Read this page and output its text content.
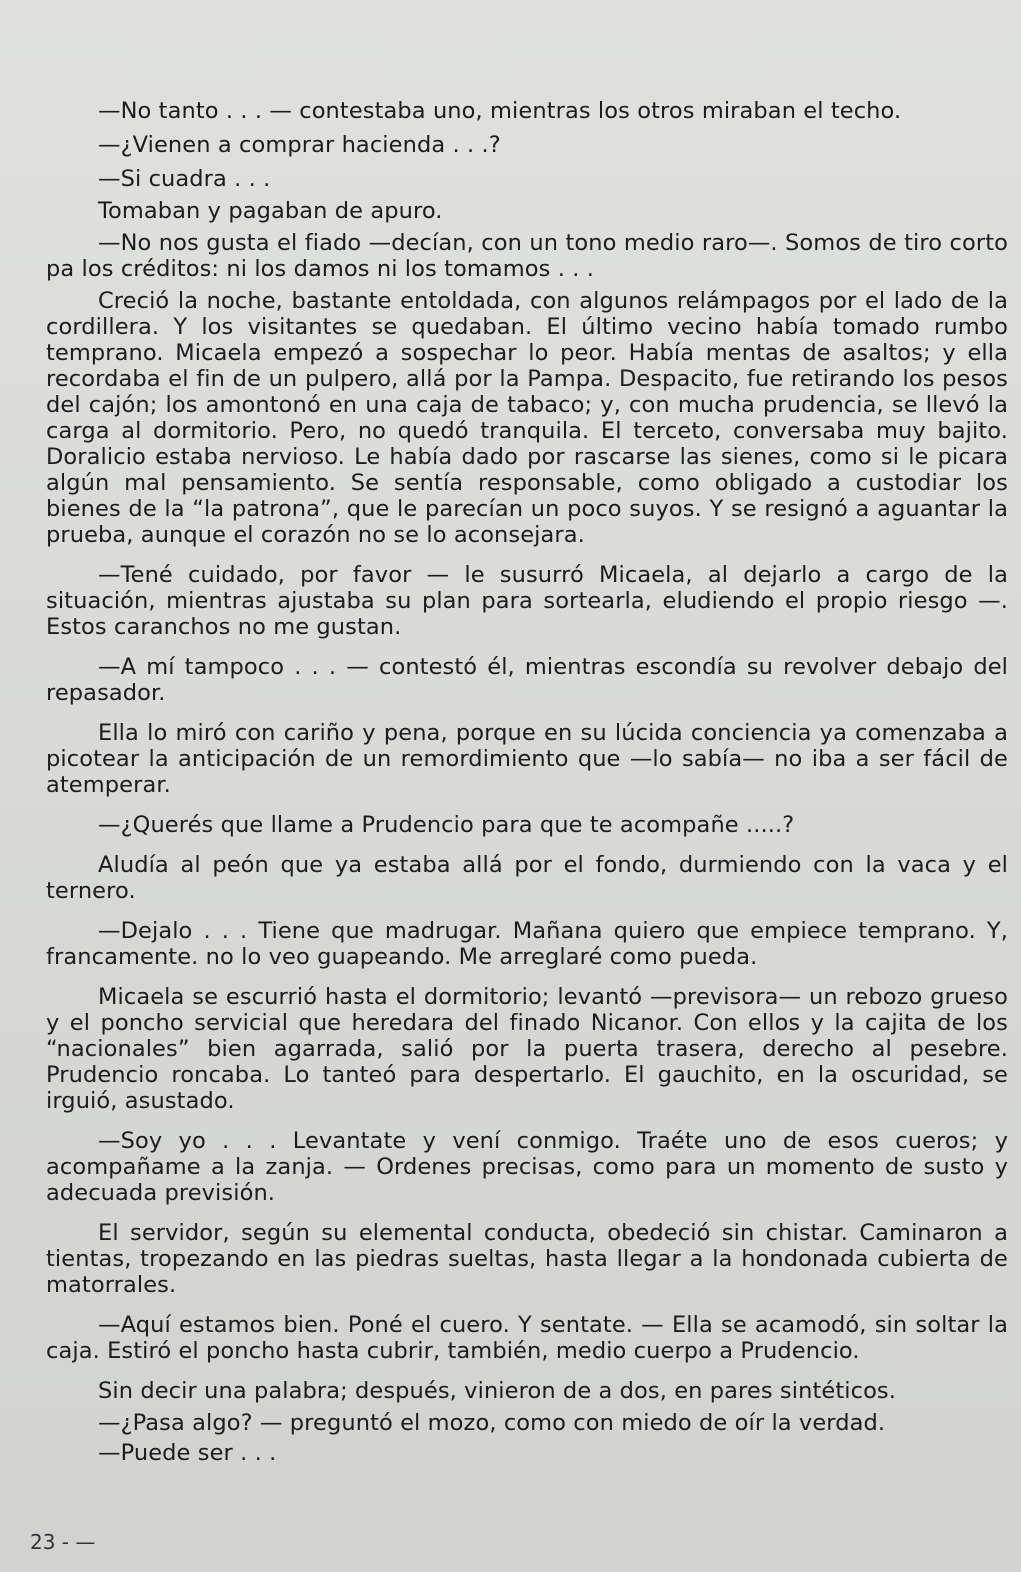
—No tanto . . . — contestaba uno, mientras los otros miraban el techo.

—¿Vienen a comprar hacienda . . .?

—Si cuadra . . .

Tomaban y pagaban de apuro.

—No nos gusta el fiado —decían, con un tono medio raro—. Somos de tiro corto pa los créditos: ni los damos ni los tomamos . . .

Creció la noche, bastante entoldada, con algunos relámpagos por el lado de la cordillera. Y los visitantes se quedaban. El último vecino había tomado rumbo temprano. Micaela empezó a sospechar lo peor. Había mentas de asaltos; y ella recordaba el fin de un pulpero, allá por la Pampa. Despacito, fue retirando los pesos del cajón; los amontonó en una caja de tabaco; y, con mucha prudencia, se llevó la carga al dormitorio. Pero, no quedó tranquila. El terceto, conversaba muy bajito. Doralicio estaba nervioso. Le había dado por rascarse las sienes, como si le picara algún mal pensamiento. Se sentía responsable, como obligado a custodiar los bienes de la “la patrona”, que le parecían un poco suyos. Y se resignó a aguantar la prueba, aunque el corazón no se lo aconsejara.

—Tené cuidado, por favor — le susurró Micaela, al dejarlo a cargo de la situación, mientras ajustaba su plan para sortearla, eludiendo el propio riesgo —. Estos caranchos no me gustan.

—A mí tampoco . . . — contestó él, mientras escondía su revolver debajo del repasador.

Ella lo miró con cariño y pena, porque en su lúcida conciencia ya comenzaba a picotear la anticipación de un remordimiento que —lo sabía— no iba a ser fácil de atemperar.

—¿Querés que llame a Prudencio para que te acompañe .....?

Aludía al peón que ya estaba allá por el fondo, durmiendo con la vaca y el ternero.

—Dejalo . . . Tiene que madrugar. Mañana quiero que empiece temprano. Y, francamente. no lo veo guapeando. Me arreglaré como pueda.

Micaela se escurrió hasta el dormitorio; levantó —previsora— un rebozo grueso y el poncho servicial que heredara del finado Nicanor. Con ellos y la cajita de los “nacionales” bien agarrada, salió por la puerta trasera, derecho al pesebre. Prudencio roncaba. Lo tanteó para despertarlo. El gauchito, en la oscuridad, se irguió, asustado.

—Soy yo . . . Levantate y vení conmigo. Traéte uno de esos cueros; y acompañame a la zanja. — Ordenes precisas, como para un momento de susto y adecuada previsión.

El servidor, según su elemental conducta, obedeció sin chistar. Caminaron a tientas, tropezando en las piedras sueltas, hasta llegar a la hondonada cubierta de matorrales.

—Aquí estamos bien. Poné el cuero. Y sentate. — Ella se acamodó, sin soltar la caja. Estiró el poncho hasta cubrir, también, medio cuerpo a Prudencio.

Sin decir una palabra; después, vinieron de a dos, en pares sintéticos.

—¿Pasa algo? — preguntó el mozo, como con miedo de oír la verdad.

—Puede ser . . .

23 - —
